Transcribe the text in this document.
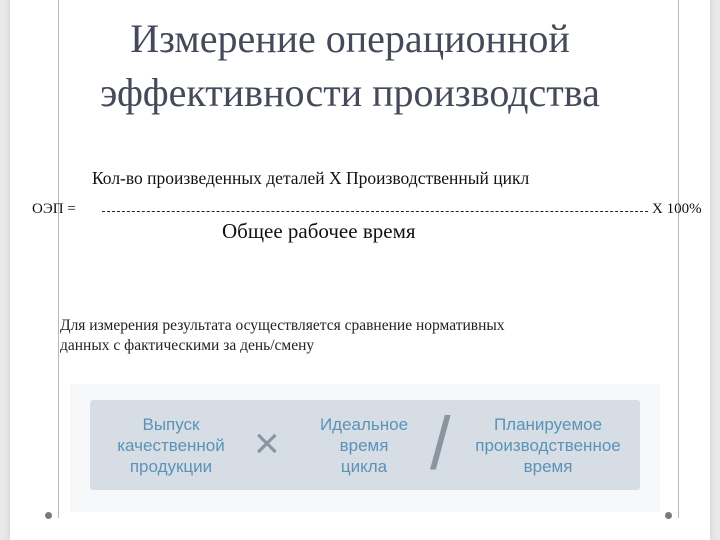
Измерение операционной
эффективности производства
Кол-во произведенных деталей Х Производственный цикл
ОЭП =	Х 100%
Общее рабочее время
Для измерения результата осуществляется сравнение нормативных
данных с фактическими за день/смену
Выпуск
качественной
продукции ×	Идеальное
время
цикла /	Планируемое
производственное
время
